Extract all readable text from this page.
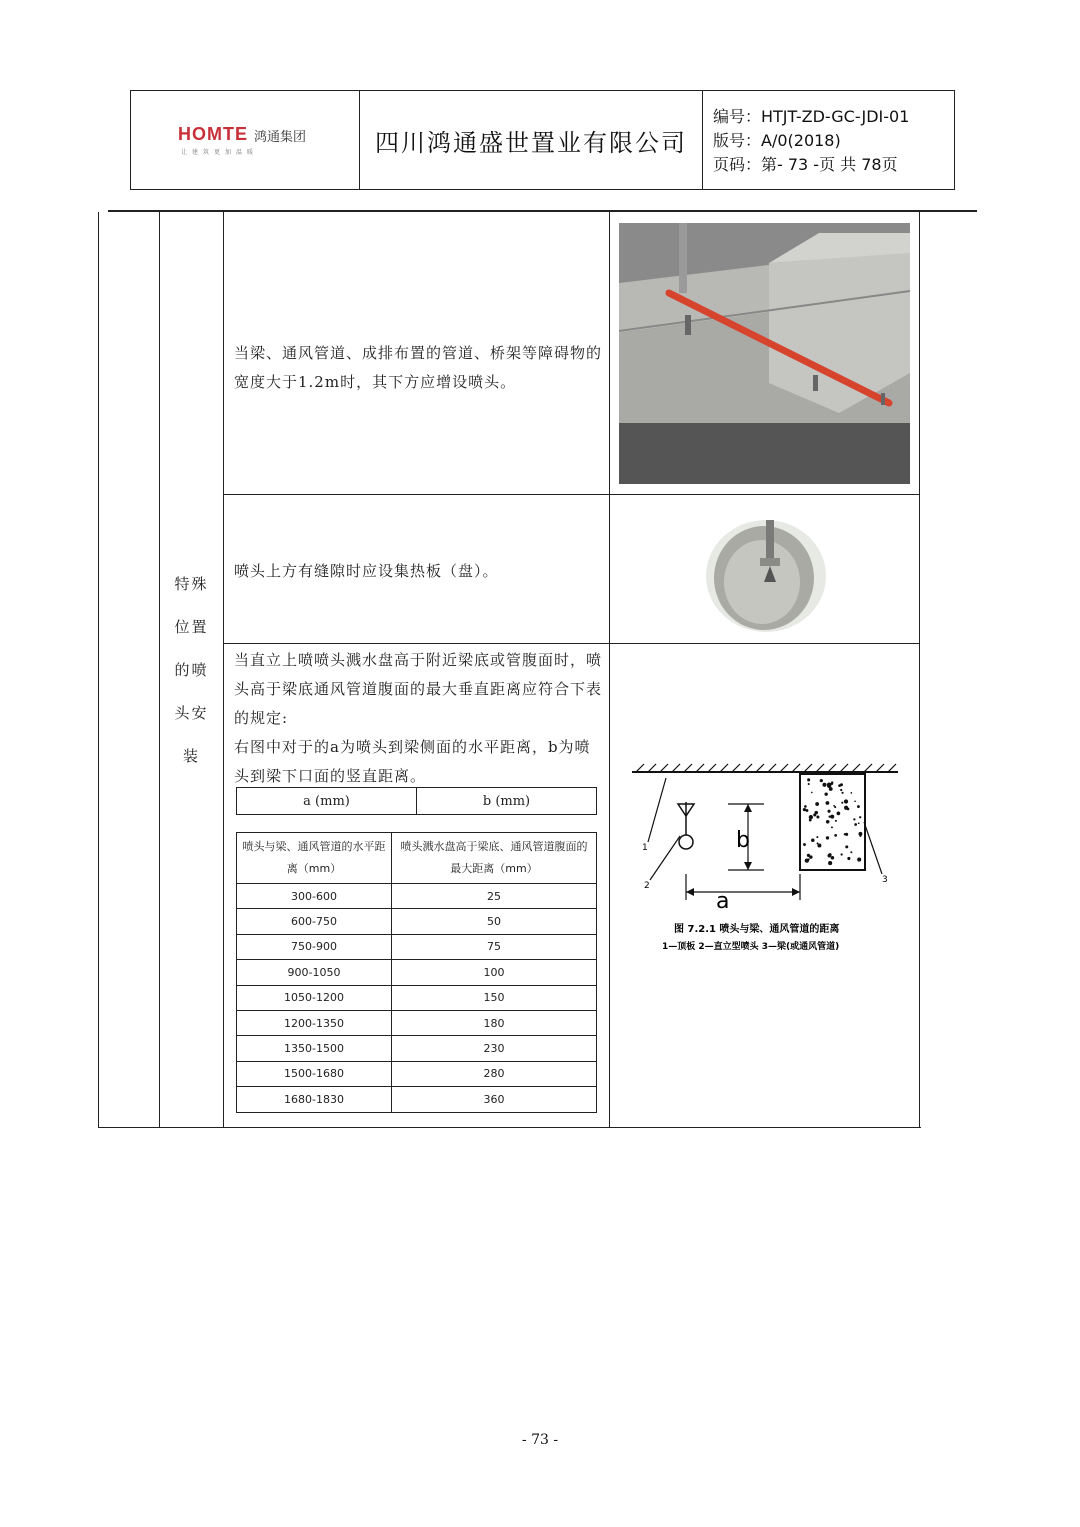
HOMTE 鸿通集团
让建筑更加温暖	四川鸿通盛世置业有限公司
编号：HTJT-ZD-GC-JDⅠ-01
版号：A/0(2018)
页码：第- 73 -页 共 78页
特殊
位置
的喷
头安
装
当梁、通风管道、成排布置的管道、桥架等障碍物的宽度大于1.2m时，其下方应增设喷头。
喷头上方有缝隙时应设集热板（盘）。
当直立上喷喷头溅水盘高于附近梁底或管腹面时，喷头高于梁底通风管道腹面的最大垂直距离应符合下表的规定:
右图中对于的a为喷头到梁侧面的水平距离，b为喷头到梁下口面的竖直距离。
a (mm)	b (mm)
喷头与梁、通风管道的水平距离（mm）	喷头溅水盘高于梁底、通风管道腹面的最大距离（mm）
300-600	25
600-750	50
750-900	75
900-1050	100
1050-1200	150
1200-1350	180
1350-1500	230
1500-1680	280
1680-1830	360
b
a
1
2
3
图 7.2.1 喷头与梁、通风管道的距离
1—顶板 2—直立型喷头 3—梁(或通风管道)
- 73 -
